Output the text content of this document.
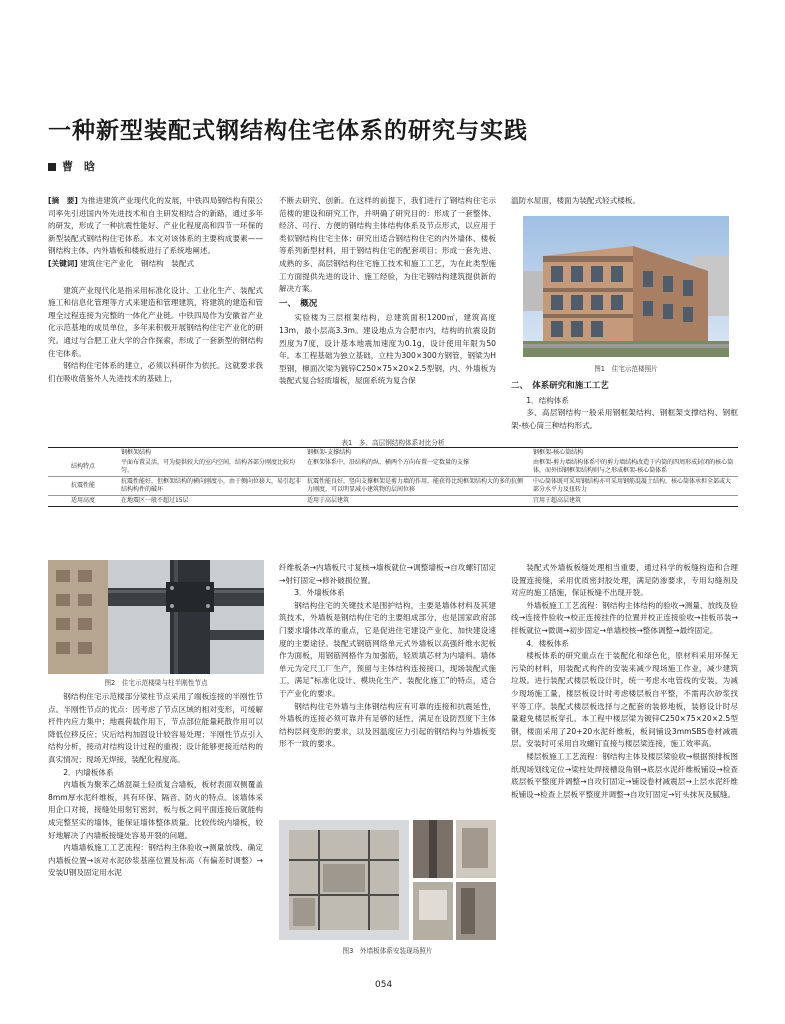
一种新型装配式钢结构住宅体系的研究与实践
曹　晗

[摘　要] 为推进建筑产业现代化的发展，中铁四局钢结构有限公司率先引进国内外先进技术和自主研发相结合的新路，通过多年的研发，形成了一种抗震性能好、产业化程度高和四节一环保的新型装配式钢结构住宅体系。本文对该体系的主要构成要素——钢结构主体、内外墙板和楼板进行了系统地阐述。

[关键词] 建筑住宅产业化　钢结构　装配式

建筑产业现代化是指采用标准化设计、工业化生产、装配式施工和信息化管理等方式来建造和管理建筑，将建筑的建造和管理全过程连接为完整的一体化产业链。中铁四局作为安徽省产业化示范基地的成员单位，多年来积极开展钢结构住宅产业化的研究。通过与合肥工业大学的合作探索，形成了一套新型的钢结构住宅体系。

钢结构住宅体系的建立，必须以科研作为依托。这就要求我们在吸收借鉴外人先进技术的基础上，

不断去研究、创新。在这样的前提下，我们进行了钢结构住宅示范楼的建设和研究工作，并明确了研究目的：形成了一套整体、经济、可行、方便的钢结构主体结构体系及节点形式，以应用于类似钢结构住宅主体；研究出适合钢结构住宅的内外墙体、楼板等系列新型材料，用于钢结构住宅的配套项目；形成一套先进、成熟的多、高层钢结构住宅施工技术和施工工艺，为在此类型施工方面提供先进的设计、施工经验，为住宅钢结构建筑提供新的解决方案。

一、　概况

实验楼为三层框架结构，总建筑面积1200㎡，建筑高度13m，最小层高3.3m。建设地点为合肥市内，结构的抗震设防烈度为7度，设计基本地震加速度为0.1g，设计使用年限为50年。本工程基础为独立基础，立柱为300×300方钢管，钢梁为H型钢，檩面次梁为镀锌C250×75×20×2.5型钢，内、外墙板为装配式复合轻质墙板，屋面系统为复合保

温防水屋面，楼面为装配式轻式楼板。

图1　住宅示范楼照片
二、　体系研究和施工工艺

1．结构体系

多、高层钢结构一般采用钢框架结构、钢框架支撑结构、钢框架-核心筒三种结构形式。

表1　多、高层钢结构体系对比分析
	钢框架结构	钢框架-支撑结构	钢框架-核心筒结构
结构特点	平面布置灵活，可为提供较大的室内空间，结构各部分刚度比较均匀。	在框架体系中，沿结构的纵、横两个方向布置一定数量的支撑	由框架-剪力墙结构体系中的剪力墙结构改造于内筒的四周形成封闭的核心筒体，而外围钢框架结构则与之形成框架-核心筒体系
抗震性能	抗震性能好，但框架结构的横向刚度小，由于侧向位移大，易引起非结构构件的破坏	抗震性能良好，竖向支撑框架是剪力墙的作用，能获得比纯框架结构大的多的抗侧力刚度，可以明显减小建筑物的层间位移	中心筒体既可采用钢结构亦可采用钢筋混凝土结构，核心筒体承担全部或大部分水平力及扭转力
适用高度	在地震区一般不超过15层	适用于高层建筑	宜用于超高层建筑
图2　住宅示范楼梁与柱半刚性节点

钢结构住宅示范楼部分梁柱节点采用了端板连接的半刚性节点。半刚性节点的优点：因考虑了节点区域的相对变形，可缓解杆件内应力集中；地震荷载作用下，节点部位能量耗散作用可以降低位移反应；灾后结构加固设计较容易处理；半刚性节点引入结构分析，接动对结构设计过程的重视；设计能够更接近结构的真实情况；现场无焊接，装配化程度高。

2．内墙板体系

内墙板为聚苯乙烯混凝土轻质复合墙板，板材表面双侧覆盖8mm厚水泥纤维板，具有环保、隔音、防火的特点。该墙体采用企口对接，接缝处用射钉密封，板与板之间平面连接后就能构成完整坚实的墙体，能保证墙体整体质量。比较传统内墙板，较好地解决了内墙板接缝处容易开裂的问题。

内墙墙板施工工艺流程：钢结构主体验收→测量放线、确定内墙板位置→该对水泥砂浆基座位置及标高（有偏差时调整）→安装U钢及固定用水泥

纤维板条→内墙板尺寸复核→墙板就位→调整墙板→自攻螺钉固定→射钉固定→修补破损位置。

3．外墙板体系

钢结构住宅的关键技术是围护结构，主要是墙体材料及其建筑技术，外墙板是钢结构住宅的主要组成部分，也是国家政府部门要求墙体改革的重点，它是促进住宅建设产业化、加快建设速度的主要途径。装配式钢筋网络单元式外墙板以高强纤维水泥板作为面板，用钢筋网格作为加强筋，轻质填芯材为内墙料。墙体单元为定尺工厂生产，预留与主体结构连接接口，现场装配式施工，满足“标准化设计、模块化生产、装配化施工”的特点，适合于产业化的要求。

钢结构住宅外墙与主体钢结构应有可靠的连接和抗震延性，外墙板的连接必须可靠并有足够的延性，满足在设防烈度下主体结构层间变形的要求，以及因温度应力引起的钢结构与外墙板变形不一致的要求。

图3　外墙板体系安装现场照片

装配式外墙板板缝处理相当重要，通过科学的板缝构造和合理设置连接缝，采用优质密封胶处理，满足防渗要求，专用勾缝剂及对应的施工措施，保证板缝不出现开裂。

外墙板施工工艺流程：钢结构主体结构的验收→测量、放线及验线→连接件验收→校正连接挂件的位置并校正连接验收→挂板吊装→挂板就位→微调→初步固定→单墙校核→整体调整→最终固定。

4．楼板体系

楼板体系的研究重点在于装配化和绿色化，原材料采用环保无污染的材料，用装配式构件的安装来减少现场施工作业，减少建筑垃圾。进行装配式楼层板设计时，统一考虑水电管线的安装，为减少现场施工量，楼层板设计时考虑楼层板自平整，不需再次砂浆找平等工序。装配式楼层板选择与之配套的装修地板，装修设计时尽量避免楼层板穿孔。本工程中楼层梁为镀锌C250×75×20×2.5型钢，楼面采用了20+20水泥纤维板，板间铺设3mmSBS卷材减震层。安装时可采用自攻螺钉直接与楼层梁连接，施工效率高。

楼层板施工工艺流程：钢结构主体及楼层梁验收→根据预排板图纸现场划线定位→梁柱处焊接槽设角钢→底层水泥纤维板铺设→检查底层板平整度并调整→自攻钉固定→铺设卷材减震层→上层水泥纤维板铺设→检查上层板平整度并调整→自攻钉固定→钉头抹灰及腻缝。

054
